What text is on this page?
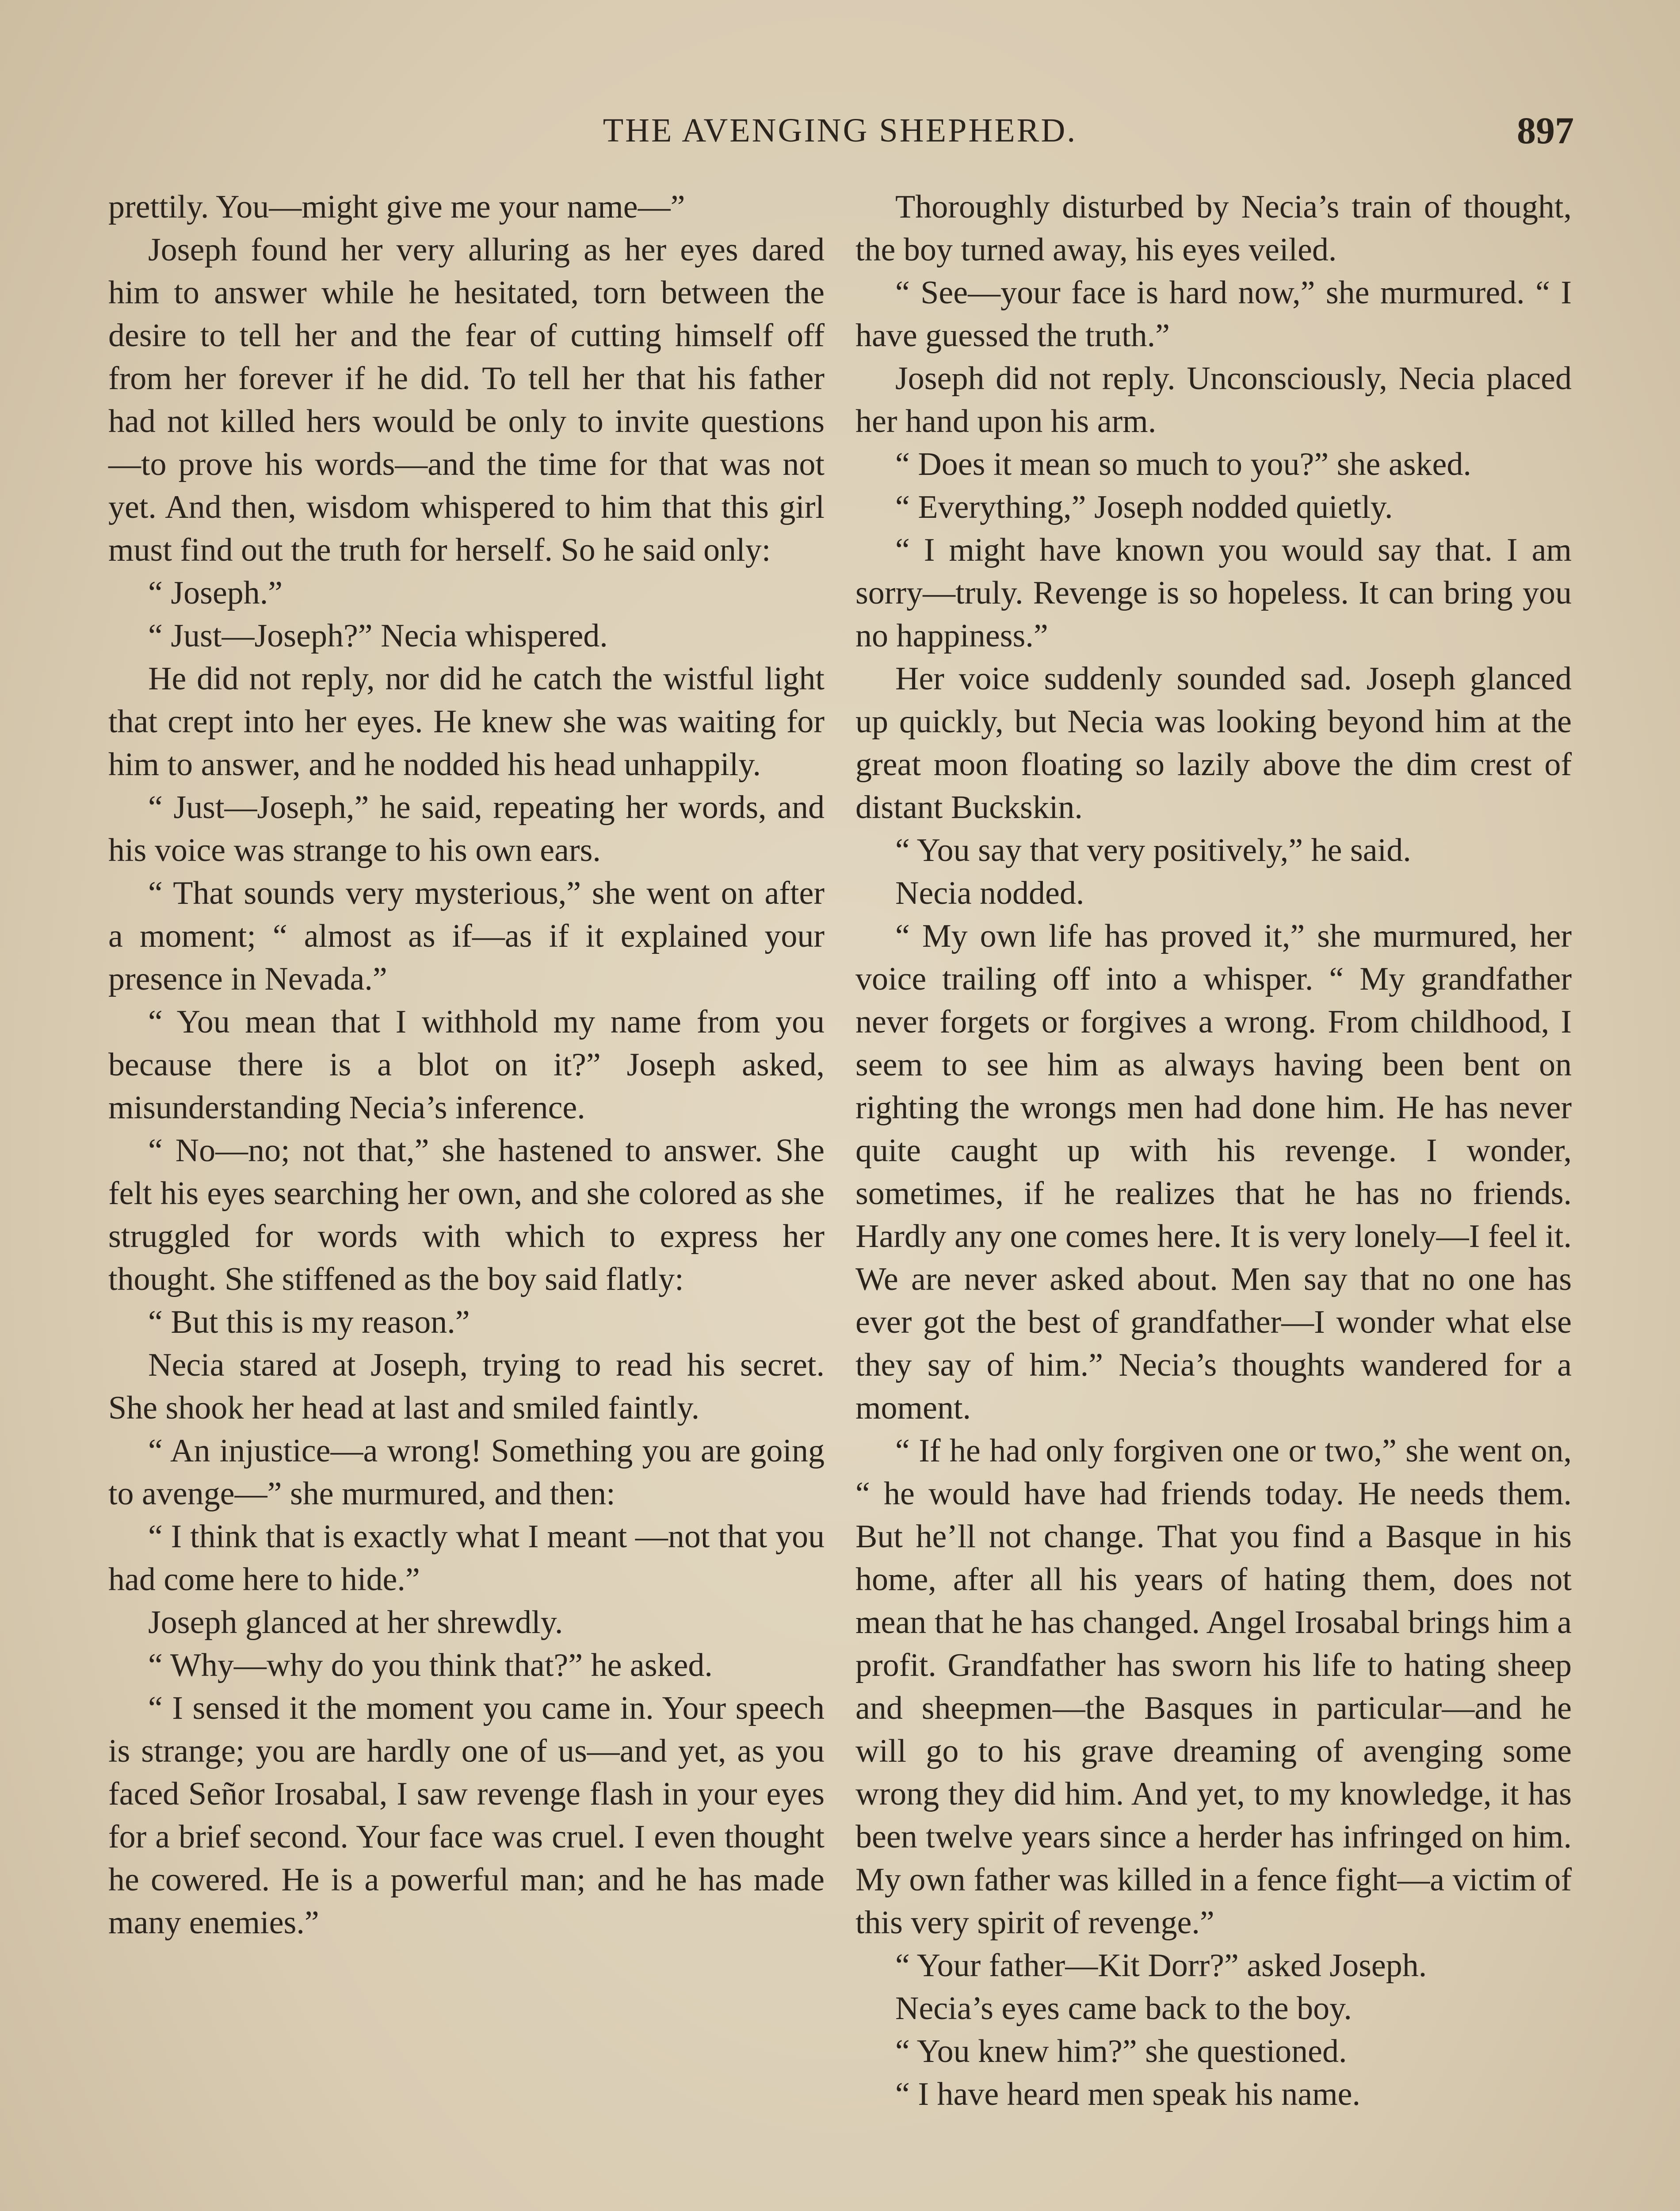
THE AVENGING SHEPHERD.	897

prettily. You—might give me your name—”

Joseph found her very alluring as her eyes dared him to answer while he hesitated, torn between the desire to tell her and the fear of cutting himself off from her forever if he did. To tell her that his father had not killed hers would be only to invite questions—to prove his words—and the time for that was not yet. And then, wisdom whispered to him that this girl must find out the truth for herself. So he said only:

“ Joseph.”

“ Just—Joseph?” Necia whispered.

He did not reply, nor did he catch the wistful light that crept into her eyes. He knew she was waiting for him to answer, and he nodded his head unhappily.

“ Just—Joseph,” he said, repeating her words, and his voice was strange to his own ears.

“ That sounds very mysterious,” she went on after a moment; “ almost as if—as if it explained your presence in Nevada.”

“ You mean that I withhold my name from you because there is a blot on it?” Joseph asked, misunderstanding Necia’s inference.

“ No—no; not that,” she hastened to answer. She felt his eyes searching her own, and she colored as she struggled for words with which to express her thought. She stiffened as the boy said flatly:

“ But this is my reason.”

Necia stared at Joseph, trying to read his secret. She shook her head at last and smiled faintly.

“ An injustice—a wrong! Something you are going to avenge—” she murmured, and then:

“ I think that is exactly what I meant —not that you had come here to hide.”

Joseph glanced at her shrewdly.

“ Why—why do you think that?” he asked.

“ I sensed it the moment you came in. Your speech is strange; you are hardly one of us—and yet, as you faced Señor Irosabal, I saw revenge flash in your eyes for a brief second. Your face was cruel. I even thought he cowered. He is a powerful man; and he has made many enemies.”

Thoroughly disturbed by Necia’s train of thought, the boy turned away, his eyes veiled.

“ See—your face is hard now,” she murmured. “ I have guessed the truth.”

Joseph did not reply. Unconsciously, Necia placed her hand upon his arm.

“ Does it mean so much to you?” she asked.

“ Everything,” Joseph nodded quietly.

“ I might have known you would say that. I am sorry—truly. Revenge is so hopeless. It can bring you no happiness.”

Her voice suddenly sounded sad. Joseph glanced up quickly, but Necia was looking beyond him at the great moon floating so lazily above the dim crest of distant Buckskin.

“ You say that very positively,” he said.

Necia nodded.

“ My own life has proved it,” she murmured, her voice trailing off into a whisper. “ My grandfather never forgets or forgives a wrong. From childhood, I seem to see him as always having been bent on righting the wrongs men had done him. He has never quite caught up with his revenge. I wonder, sometimes, if he realizes that he has no friends. Hardly any one comes here. It is very lonely—I feel it. We are never asked about. Men say that no one has ever got the best of grandfather—I wonder what else they say of him.” Necia’s thoughts wandered for a moment.

“ If he had only forgiven one or two,” she went on, “ he would have had friends today. He needs them. But he’ll not change. That you find a Basque in his home, after all his years of hating them, does not mean that he has changed. Angel Irosabal brings him a profit. Grandfather has sworn his life to hating sheep and sheepmen—the Basques in particular—and he will go to his grave dreaming of avenging some wrong they did him. And yet, to my knowledge, it has been twelve years since a herder has infringed on him. My own father was killed in a fence fight—a victim of this very spirit of revenge.”

“ Your father—Kit Dorr?” asked Joseph.

Necia’s eyes came back to the boy.

“ You knew him?” she questioned.

“ I have heard men speak his name.
